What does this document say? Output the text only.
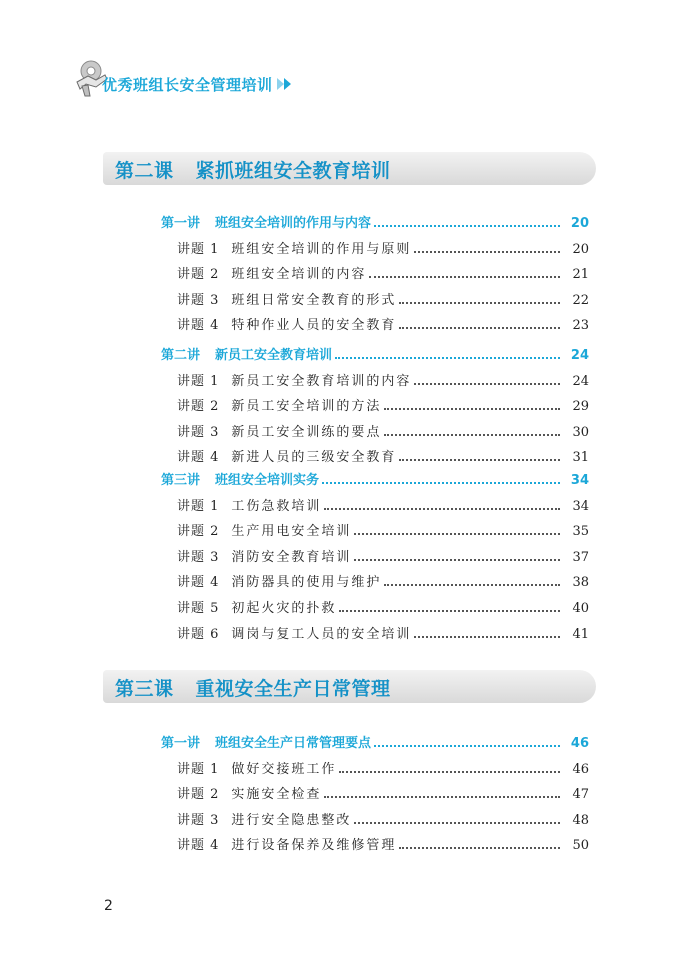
优秀班组长安全管理培训
第二课 紧抓班组安全教育培训
第一讲 班组安全培训的作用与内容	20
讲题 1 班组安全培训的作用与原则	20
讲题 2 班组安全培训的内容	21
讲题 3 班组日常安全教育的形式	22
讲题 4 特种作业人员的安全教育	23
第二讲 新员工安全教育培训	24
讲题 1 新员工安全教育培训的内容	24
讲题 2 新员工安全培训的方法	29
讲题 3 新员工安全训练的要点	30
讲题 4 新进人员的三级安全教育	31
第三讲 班组安全培训实务	34
讲题 1 工伤急救培训	34
讲题 2 生产用电安全培训	35
讲题 3 消防安全教育培训	37
讲题 4 消防器具的使用与维护	38
讲题 5 初起火灾的扑救	40
讲题 6 调岗与复工人员的安全培训	41
第三课 重视安全生产日常管理
第一讲 班组安全生产日常管理要点	46
讲题 1 做好交接班工作	46
讲题 2 实施安全检查	47
讲题 3 进行安全隐患整改	48
讲题 4 进行设备保养及维修管理	50
2
